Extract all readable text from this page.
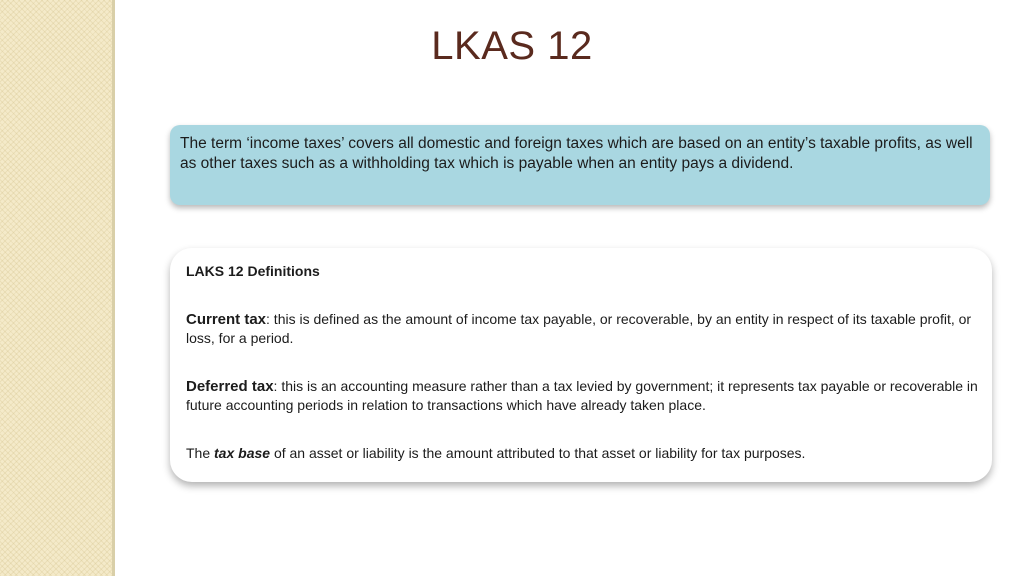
LKAS 12
The term ‘income taxes’ covers all domestic and foreign taxes which are based on an entity’s taxable profits, as well as other taxes such as a withholding tax which is payable when an entity pays a dividend.

LAKS 12 Definitions

Current tax: this is defined as the amount of income tax payable, or recoverable, by an entity in respect of its taxable profit, or loss, for a period.

Deferred tax: this is an accounting measure rather than a tax levied by government; it represents tax payable or recoverable in future accounting periods in relation to transactions which have already taken place.

The tax base of an asset or liability is the amount attributed to that asset or liability for tax purposes.
